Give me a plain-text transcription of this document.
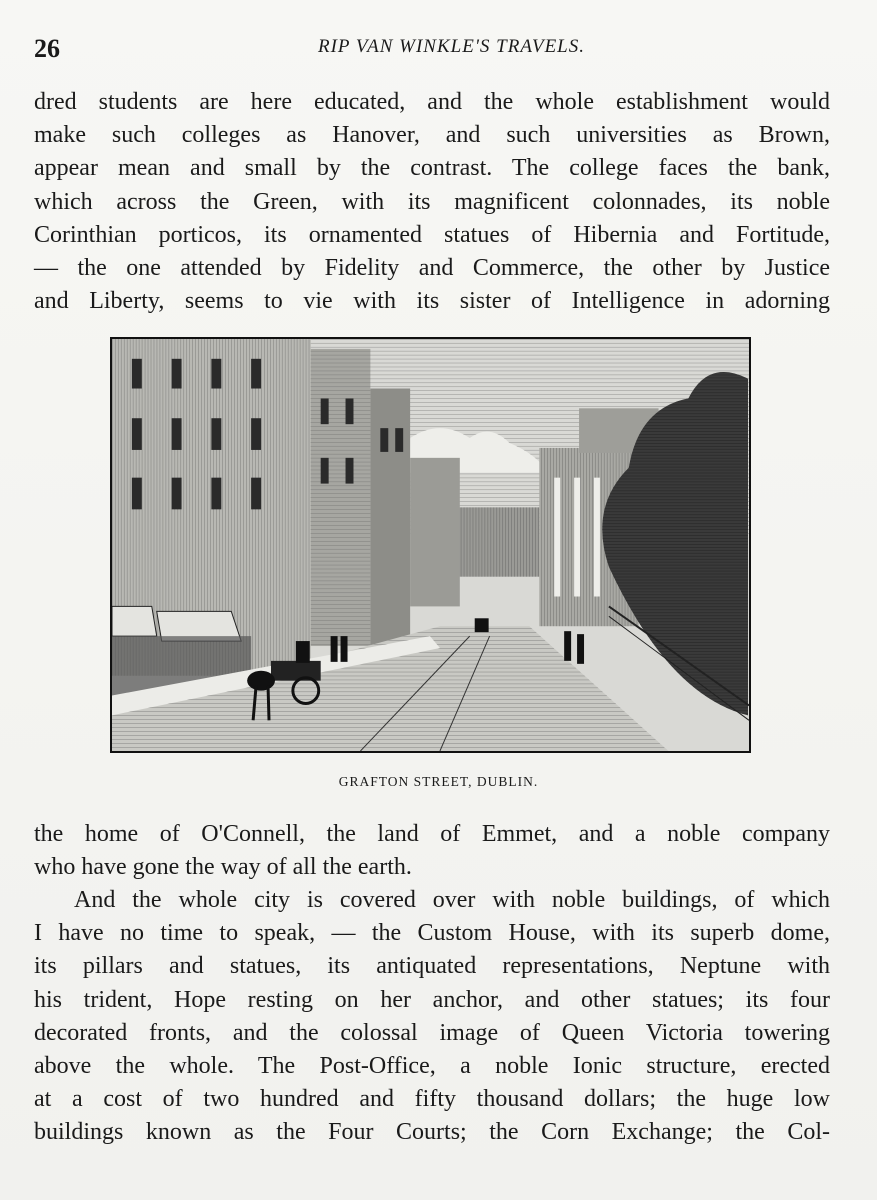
26	RIP VAN WINKLE'S TRAVELS.
dred students are here educated, and the whole establishment would
make such colleges as Hanover, and such universities as Brown,
appear mean and small by the contrast. The college faces the bank,
which across the Green, with its magnificent colonnades, its noble
Corinthian porticos, its ornamented statues of Hibernia and Fortitude,
— the one attended by Fidelity and Commerce, the other by Justice
and Liberty, seems to vie with its sister of Intelligence in adorning
GRAFTON STREET, DUBLIN.
the home of O'Connell, the land of Emmet, and a noble company
who have gone the way of all the earth.
And the whole city is covered over with noble buildings, of which
I have no time to speak, — the Custom House, with its superb dome,
its pillars and statues, its antiquated representations, Neptune with
his trident, Hope resting on her anchor, and other statues; its four
decorated fronts, and the colossal image of Queen Victoria towering
above the whole. The Post-Office, a noble Ionic structure, erected
at a cost of two hundred and fifty thousand dollars; the huge low
buildings known as the Four Courts; the Corn Exchange; the Col-
